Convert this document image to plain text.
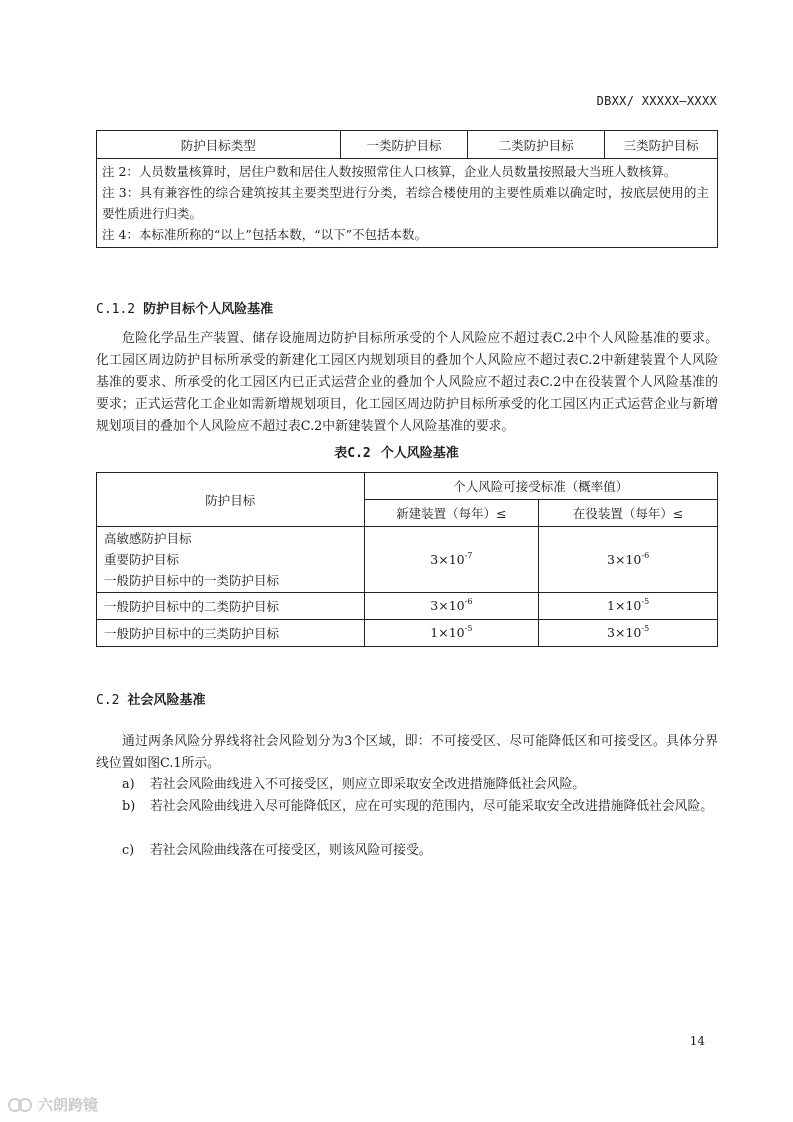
DBXX/ XXXXX—XXXX
防护目标类型	一类防护目标	二类防护目标	三类防护目标

注 2：人员数量核算时，居住户数和居住人数按照常住人口核算，企业人员数量按照最大当班人数核算。
注 3：具有兼容性的综合建筑按其主要类型进行分类，若综合楼使用的主要性质难以确定时，按底层使用的主要性质进行归类。
注 4：本标准所称的“以上”包括本数，“以下”不包括本数。
C.1.2 防护目标个人风险基准
危险化学品生产装置、储存设施周边防护目标所承受的个人风险应不超过表C.2中个人风险基准的要求。化工园区周边防护目标所承受的新建化工园区内规划项目的叠加个人风险应不超过表C.2中新建装置个人风险基准的要求、所承受的化工园区内已正式运营企业的叠加个人风险应不超过表C.2中在役装置个人风险基准的要求；正式运营化工企业如需新增规划项目，化工园区周边防护目标所承受的化工园区内正式运营企业与新增规划项目的叠加个人风险应不超过表C.2中新建装置个人风险基准的要求。
表C.2 个人风险基准
防护目标	个人风险可接受标准（概率值）	
	新建装置（每年）≤	在役装置（每年）≤

高敏感防护目标
重要防护目标
一般防护目标中的一类防护目标	$3\times 10^{-7}$	$3\times 10^{-6}$

一般防护目标中的二类防护目标	$3\times 10^{-6}$	$1\times 10^{-5}$

一般防护目标中的三类防护目标	$1\times 10^{-5}$	$3\times 10^{-5}$
C.2 社会风险基准
通过两条风险分界线将社会风险划分为3个区域，即：不可接受区、尽可能降低区和可接受区。具体分界线位置如图C.1所示。
a)	若社会风险曲线进入不可接受区，则应立即采取安全改进措施降低社会风险。
b)	若社会风险曲线进入尽可能降低区，应在可实现的范围内，尽可能采取安全改进措施降低社会风险。
c)	若社会风险曲线落在可接受区，则该风险可接受。
14
六朗跨镜
